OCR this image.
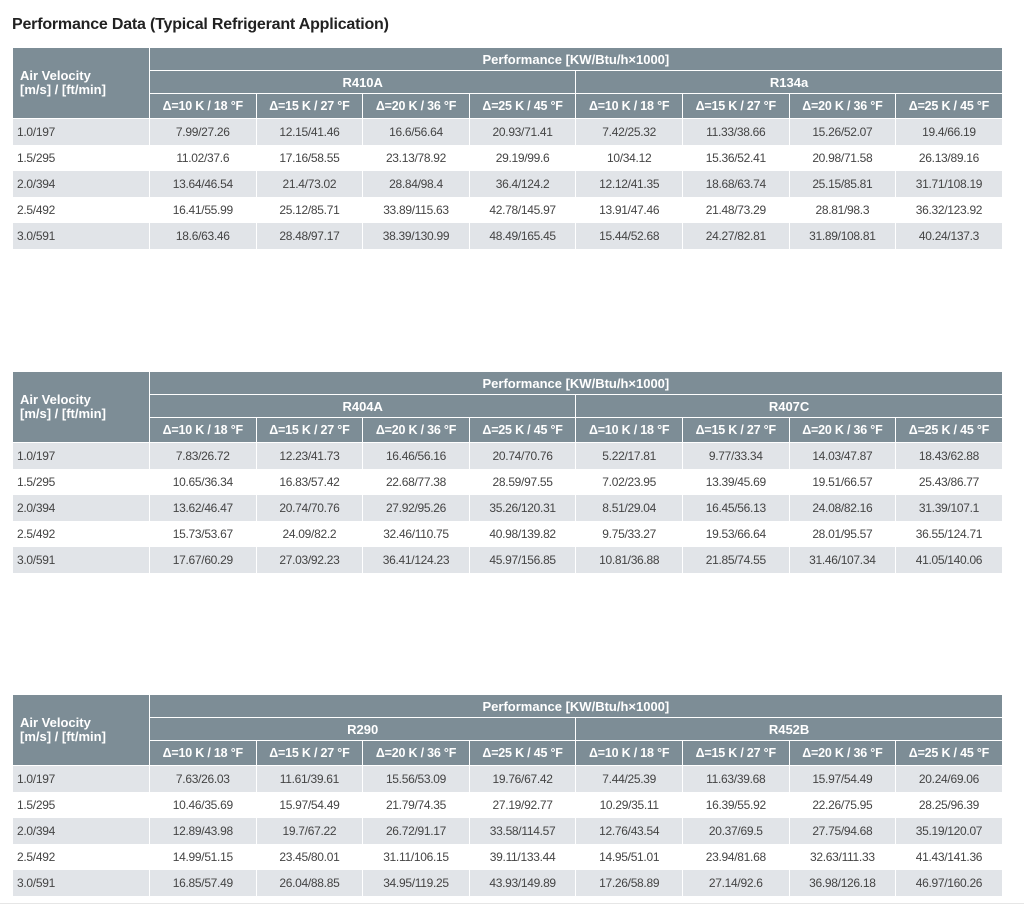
Performance Data (Typical Refrigerant Application)
Air Velocity
[m/s] / [ft/min]	Performance [KW/Btu/h×1000]							
	R410A				R134a			
	Δ=10 K / 18 °F	Δ=15 K / 27 °F	Δ=20 K / 36 °F	Δ=25 K / 45 °F	Δ=10 K / 18 °F	Δ=15 K / 27 °F	Δ=20 K / 36 °F	Δ=25 K / 45 °F
1.0/197	7.99/27.26	12.15/41.46	16.6/56.64	20.93/71.41	7.42/25.32	11.33/38.66	15.26/52.07	19.4/66.19
1.5/295	11.02/37.6	17.16/58.55	23.13/78.92	29.19/99.6	10/34.12	15.36/52.41	20.98/71.58	26.13/89.16
2.0/394	13.64/46.54	21.4/73.02	28.84/98.4	36.4/124.2	12.12/41.35	18.68/63.74	25.15/85.81	31.71/108.19
2.5/492	16.41/55.99	25.12/85.71	33.89/115.63	42.78/145.97	13.91/47.46	21.48/73.29	28.81/98.3	36.32/123.92
3.0/591	18.6/63.46	28.48/97.17	38.39/130.99	48.49/165.45	15.44/52.68	24.27/82.81	31.89/108.81	40.24/137.3
Air Velocity
[m/s] / [ft/min]	Performance [KW/Btu/h×1000]							
	R404A				R407C			
	Δ=10 K / 18 °F	Δ=15 K / 27 °F	Δ=20 K / 36 °F	Δ=25 K / 45 °F	Δ=10 K / 18 °F	Δ=15 K / 27 °F	Δ=20 K / 36 °F	Δ=25 K / 45 °F
1.0/197	7.83/26.72	12.23/41.73	16.46/56.16	20.74/70.76	5.22/17.81	9.77/33.34	14.03/47.87	18.43/62.88
1.5/295	10.65/36.34	16.83/57.42	22.68/77.38	28.59/97.55	7.02/23.95	13.39/45.69	19.51/66.57	25.43/86.77
2.0/394	13.62/46.47	20.74/70.76	27.92/95.26	35.26/120.31	8.51/29.04	16.45/56.13	24.08/82.16	31.39/107.1
2.5/492	15.73/53.67	24.09/82.2	32.46/110.75	40.98/139.82	9.75/33.27	19.53/66.64	28.01/95.57	36.55/124.71
3.0/591	17.67/60.29	27.03/92.23	36.41/124.23	45.97/156.85	10.81/36.88	21.85/74.55	31.46/107.34	41.05/140.06
Air Velocity
[m/s] / [ft/min]	Performance [KW/Btu/h×1000]							
	R290				R452B			
	Δ=10 K / 18 °F	Δ=15 K / 27 °F	Δ=20 K / 36 °F	Δ=25 K / 45 °F	Δ=10 K / 18 °F	Δ=15 K / 27 °F	Δ=20 K / 36 °F	Δ=25 K / 45 °F
1.0/197	7.63/26.03	11.61/39.61	15.56/53.09	19.76/67.42	7.44/25.39	11.63/39.68	15.97/54.49	20.24/69.06
1.5/295	10.46/35.69	15.97/54.49	21.79/74.35	27.19/92.77	10.29/35.11	16.39/55.92	22.26/75.95	28.25/96.39
2.0/394	12.89/43.98	19.7/67.22	26.72/91.17	33.58/114.57	12.76/43.54	20.37/69.5	27.75/94.68	35.19/120.07
2.5/492	14.99/51.15	23.45/80.01	31.11/106.15	39.11/133.44	14.95/51.01	23.94/81.68	32.63/111.33	41.43/141.36
3.0/591	16.85/57.49	26.04/88.85	34.95/119.25	43.93/149.89	17.26/58.89	27.14/92.6	36.98/126.18	46.97/160.26
